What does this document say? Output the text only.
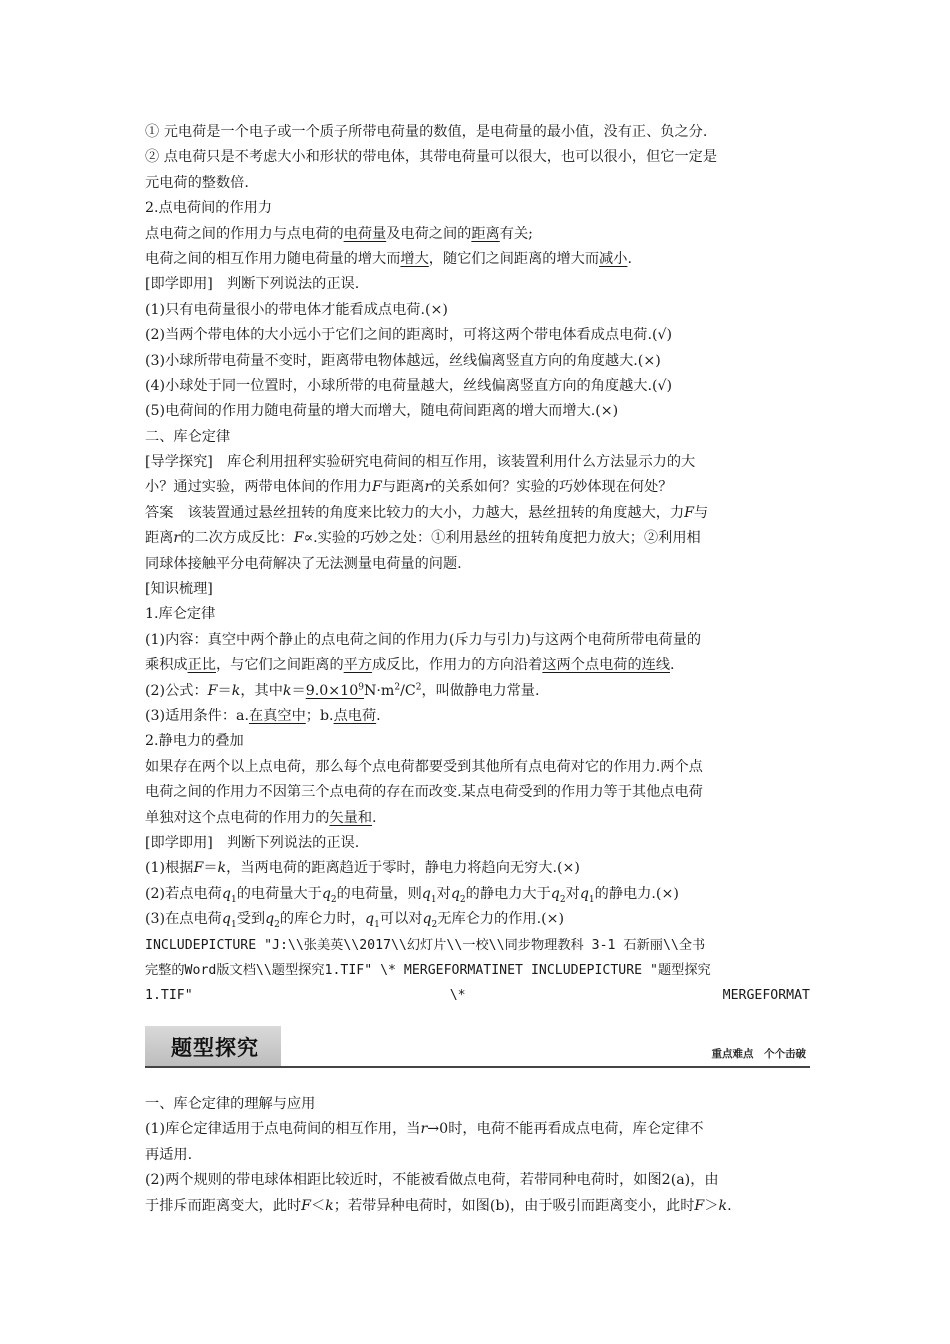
① 元电荷是一个电子或一个质子所带电荷量的数值，是电荷量的最小值，没有正、负之分.
② 点电荷只是不考虑大小和形状的带电体，其带电荷量可以很大，也可以很小，但它一定是
元电荷的整数倍.
2.点电荷间的作用力
点电荷之间的作用力与点电荷的电荷量及电荷之间的距离有关;
电荷之间的相互作用力随电荷量的增大而增大，随它们之间距离的增大而减小.
[即学即用]　判断下列说法的正误.
(1)只有电荷量很小的带电体才能看成点电荷.(×)
(2)当两个带电体的大小远小于它们之间的距离时，可将这两个带电体看成点电荷.(√)
(3)小球所带电荷量不变时，距离带电物体越远，丝线偏离竖直方向的角度越大.(×)
(4)小球处于同一位置时，小球所带的电荷量越大，丝线偏离竖直方向的角度越大.(√)
(5)电荷间的作用力随电荷量的增大而增大，随电荷间距离的增大而增大.(×)
二、库仑定律
[导学探究]　库仑利用扭秤实验研究电荷间的相互作用，该装置利用什么方法显示力的大
小？通过实验，两带电体间的作用力F与距离r的关系如何？实验的巧妙体现在何处？
答案　该装置通过悬丝扭转的角度来比较力的大小，力越大，悬丝扭转的角度越大，力F与
距离r的二次方成反比：F∝.实验的巧妙之处：①利用悬丝的扭转角度把力放大；②利用相
同球体接触平分电荷解决了无法测量电荷量的问题.
[知识梳理]
1.库仑定律
(1)内容：真空中两个静止的点电荷之间的作用力(斥力与引力)与这两个电荷所带电荷量的
乘积成正比，与它们之间距离的平方成反比，作用力的方向沿着这两个点电荷的连线.
(2)公式：F＝k，其中$k=9.0\times 10^9N\cdot m^2/C^2$，叫做静电力常量.
(3)适用条件：a.在真空中；b.点电荷.
2.静电力的叠加
如果存在两个以上点电荷，那么每个点电荷都要受到其他所有点电荷对它的作用力.两个点
电荷之间的作用力不因第三个点电荷的存在而改变.某点电荷受到的作用力等于其他点电荷
单独对这个点电荷的作用力的矢量和.
[即学即用]　判断下列说法的正误.
(1)根据F＝k，当两电荷的距离趋近于零时，静电力将趋向无穷大.(×)
(2)若点电荷$q_1$的电荷量大于$q_2$的电荷量，则$q_1$对$q_2$的静电力大于$q_2$对$q_1$的静电力.(×)
(3)在点电荷$q_1$受到$q_2$的库仑力时，$q_1$可以对$q_2$无库仑力的作用.(×)
INCLUDEPICTURE "J:\\张美英\\2017\\幻灯片\\一校\\同步物理教科 3-1 石新丽\\全书
完整的Word版文档\\题型探究1.TIF" \* MERGEFORMATINET INCLUDEPICTURE "题型探究
1.TIF"	\*	MERGEFORMAT
题型探究	重点难点　个个击破
一、库仑定律的理解与应用
(1)库仑定律适用于点电荷间的相互作用，当r→0时，电荷不能再看成点电荷，库仑定律不
再适用.
(2)两个规则的带电球体相距比较近时，不能被看做点电荷，若带同种电荷时，如图2(a)，由
于排斥而距离变大，此时F＜k；若带异种电荷时，如图(b)，由于吸引而距离变小，此时F＞k.
